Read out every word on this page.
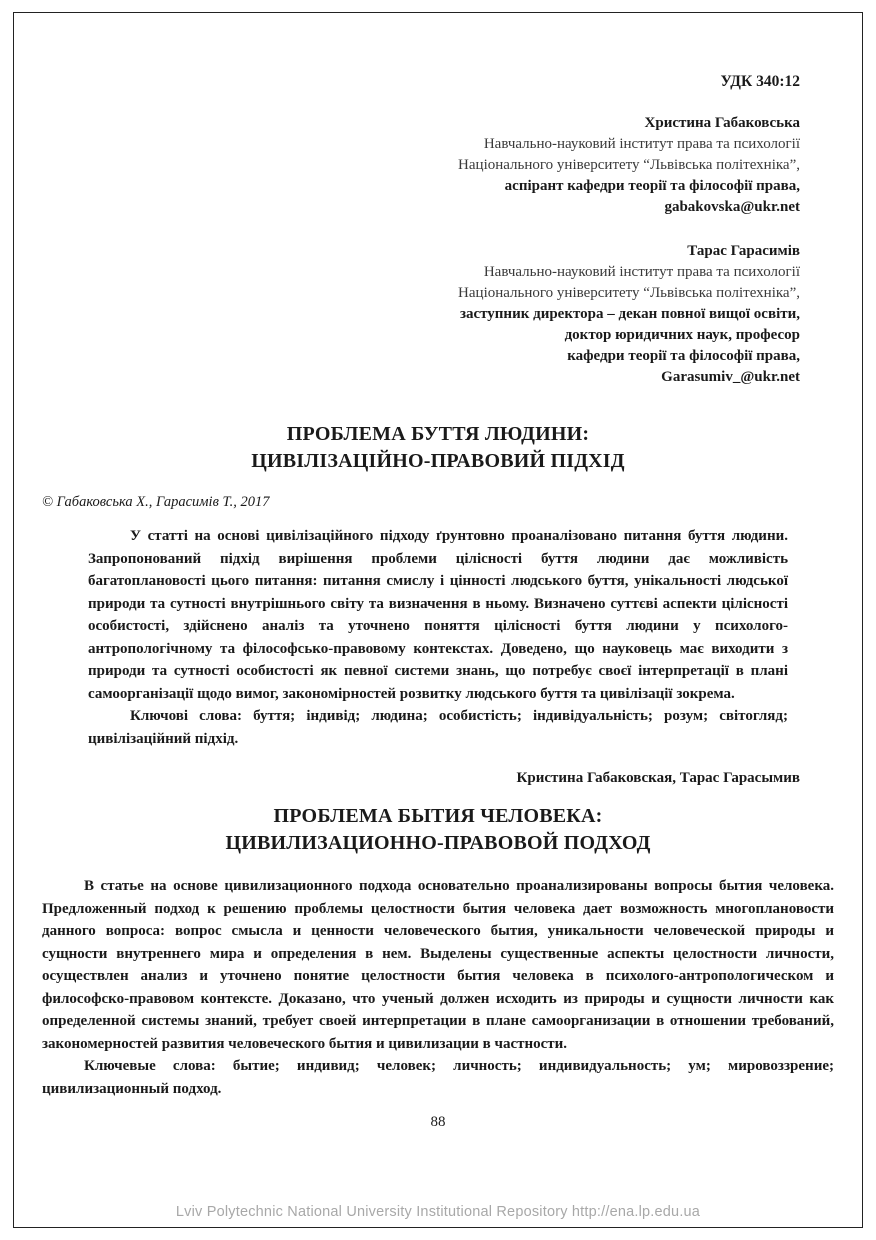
УДК 340:12
Христина Габаковська
Навчально-науковий інститут права та психології
Національного університету “Львівська політехніка”,
аспірант кафедри теорії та філософії права,
gabakovska@ukr.net
Тарас Гарасимів
Навчально-науковий інститут права та психології
Національного університету “Львівська політехніка”,
заступник директора – декан повної вищої освіти,
доктор юридичних наук, професор
кафедри теорії та філософії права,
Garasumiv_@ukr.net
ПРОБЛЕМА БУТТЯ ЛЮДИНИ:
ЦИВІЛІЗАЦІЙНО-ПРАВОВИЙ ПІДХІД
© Габаковська Х., Гарасимів Т., 2017
У статті на основі цивілізаційного підходу ґрунтовно проаналізовано питання буття людини. Запропонований підхід вирішення проблеми цілісності буття людини дає можливість багатоплановості цього питання: питання смислу і цінності людського буття, унікальності людської природи та сутності внутрішнього світу та визначення в ньому. Визначено суттєві аспекти цілісності особистості, здійснено аналіз та уточнено поняття цілісності буття людини у психолого-антропологічному та філософсько-правовому контекстах. Доведено, що науковець має виходити з природи та сутності особистості як певної системи знань, що потребує своєї інтерпретації в плані самоорганізації щодо вимог, закономірностей розвитку людського буття та цивілізації зокрема.
Ключові слова: буття; індивід; людина; особистість; індивідуальність; розум; світогляд; цивілізаційний підхід.
Кристина Габаковская, Тарас Гарасымив
ПРОБЛЕМА БЫТИЯ ЧЕЛОВЕКА:
ЦИВИЛИЗАЦИОННО-ПРАВОВОЙ ПОДХОД
В статье на основе цивилизационного подхода основательно проанализированы вопросы бытия человека. Предложенный подход к решению проблемы целостности бытия человека дает возможность многоплановости данного вопроса: вопрос смысла и ценности человеческого бытия, уникальности человеческой природы и сущности внутреннего мира и определения в нем. Выделены существенные аспекты целостности личности, осуществлен анализ и уточнено понятие целостности бытия человека в психолого-антропологическом и философско-правовом контексте. Доказано, что ученый должен исходить из природы и сущности личности как определенной системы знаний, требует своей интерпретации в плане самоорганизации в отношении требований, закономерностей развития человеческого бытия и цивилизации в частности.
Ключевые слова: бытие; индивид; человек; личность; индивидуальность; ум; мировоззрение; цивилизационный подход.
88
Lviv Polytechnic National University Institutional Repository http://ena.lp.edu.ua
